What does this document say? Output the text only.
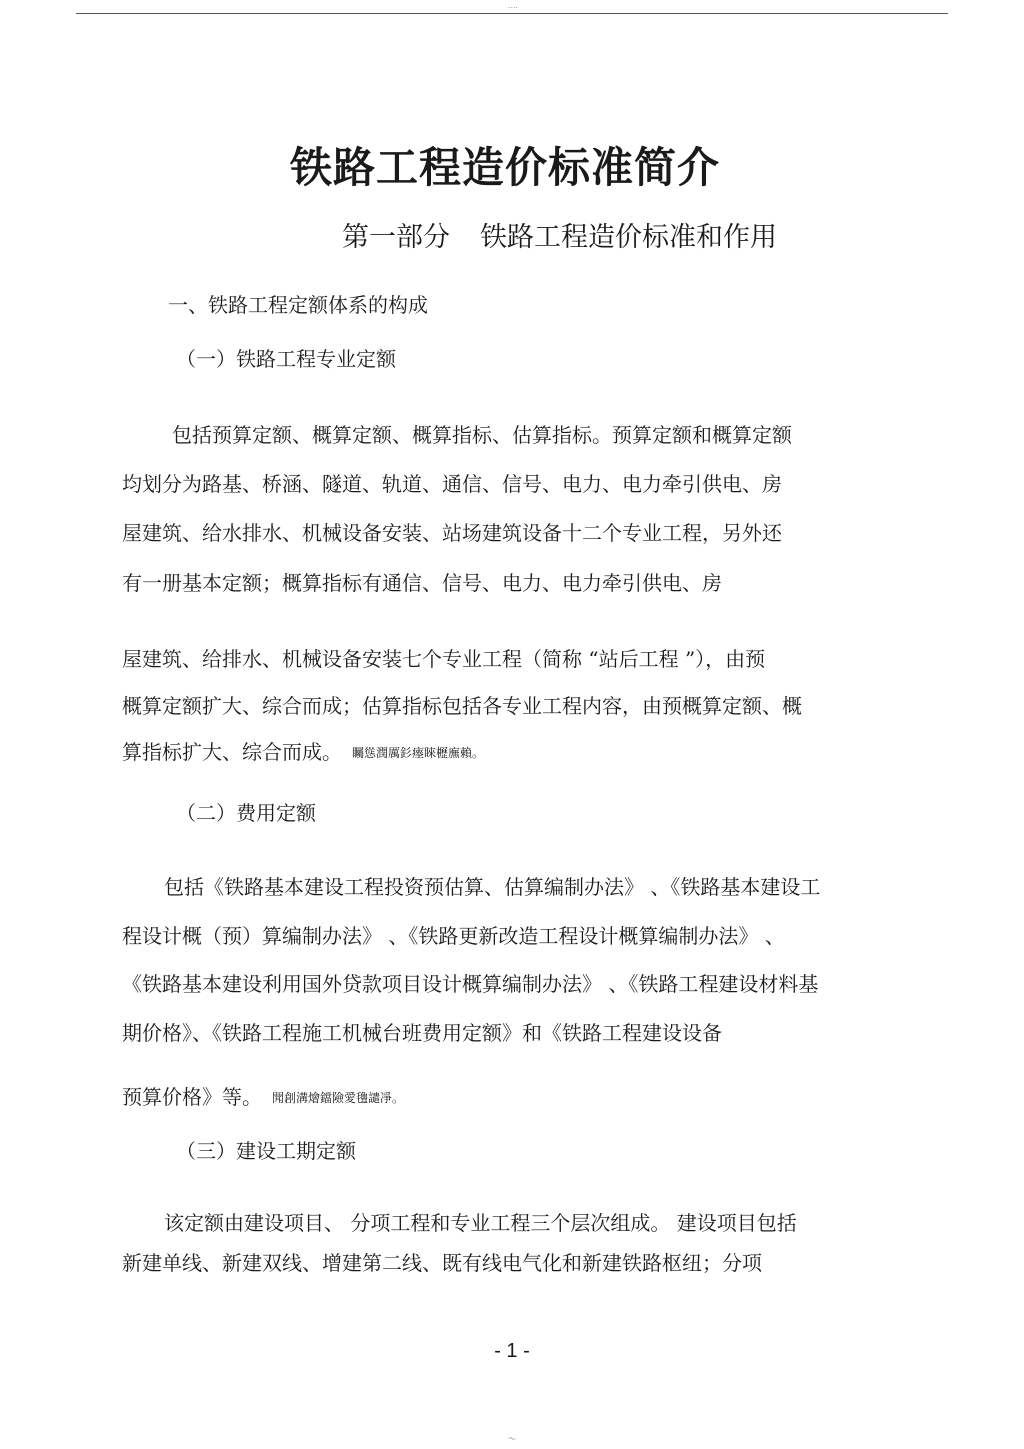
....
铁路工程造价标准简介
第一部分 铁路工程造价标准和作用
一、铁路工程定额体系的构成
（一）铁路工程专业定额
包括预算定额、概算定额、概算指标、估算指标。预算定额和概算定额
均划分为路基、桥涵、隧道、轨道、通信、信号、电力、电力牵引供电、房
屋建筑、给水排水、机械设备安装、站场建筑设备十二个专业工程，另外还
有一册基本定额；概算指标有通信、信号、电力、电力牵引供电、房
屋建筑、给排水、机械设备安装七个专业工程（简称 “站后工程 ”），由预
概算定额扩大、综合而成；估算指标包括各专业工程内容，由预概算定额、概
算指标扩大、综合而成。 矚慫潤厲釤瘞睞櫪廡賴。
（二）费用定额
包括《铁路基本建设工程投资预估算、估算编制办法》 、《铁路基本建设工
程设计概（预）算编制办法》 、《铁路更新改造工程设计概算编制办法》 、
《铁路基本建设利用国外贷款项目设计概算编制办法》 、《铁路工程建设材料基
期价格》、《铁路工程施工机械台班费用定额》和《铁路工程建设设备
预算价格》等。 聞創溝燴鐺險愛氌譴凈。
（三）建设工期定额
该定额由建设项目、 分项工程和专业工程三个层次组成。 建设项目包括
新建单线、新建双线、增建第二线、既有线电气化和新建铁路枢纽；分项
- 1 -
～
